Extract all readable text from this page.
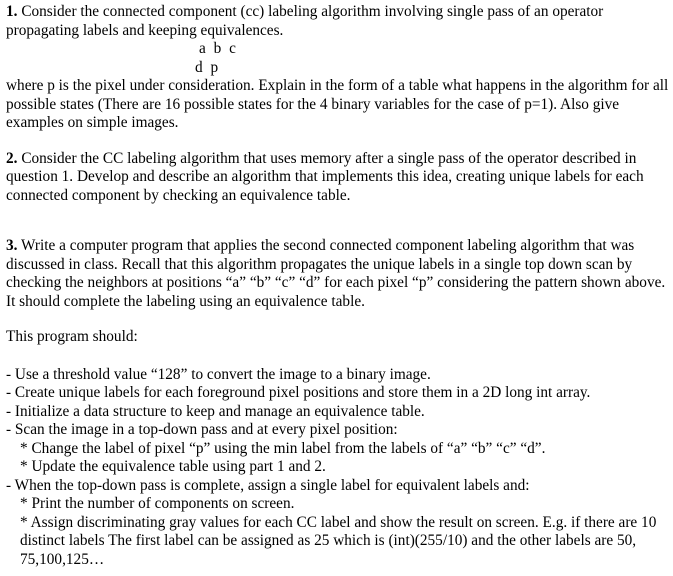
1. Consider the connected component (cc) labeling algorithm involving single pass of an operator propagating labels and keeping equivalences.

a b c

d p

where p is the pixel under consideration. Explain in the form of a table what happens in the algorithm for all possible states (There are 16 possible states for the 4 binary variables for the case of p=1). Also give examples on simple images.

2. Consider the CC labeling algorithm that uses memory after a single pass of the operator described in question 1. Develop and describe an algorithm that implements this idea, creating unique labels for each connected component by checking an equivalence table.

3. Write a computer program that applies the second connected component labeling algorithm that was discussed in class. Recall that this algorithm propagates the unique labels in a single top down scan by checking the neighbors at positions “a” “b” “c” “d” for each pixel “p” considering the pattern shown above. It should complete the labeling using an equivalence table.

This program should:

- Use a threshold value “128” to convert the image to a binary image.
- Create unique labels for each foreground pixel positions and store them in a 2D long int array.
- Initialize a data structure to keep and manage an equivalence table.
- Scan the image in a top-down pass and at every pixel position:
* Change the label of pixel “p” using the min label from the labels of “a” “b” “c” “d”.
* Update the equivalence table using part 1 and 2.
- When the top-down pass is complete, assign a single label for equivalent labels and:
* Print the number of components on screen.
* Assign discriminating gray values for each CC label and show the result on screen. E.g. if there are 10 distinct labels The first label can be assigned as 25 which is (int)(255/10) and the other labels are 50, 75,100,125…
